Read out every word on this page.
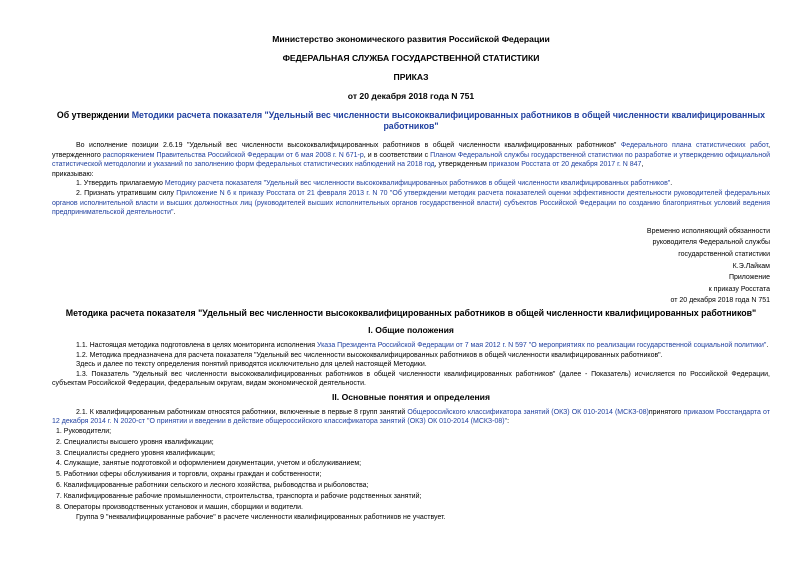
Министерство экономического развития Российской Федерации
ФЕДЕРАЛЬНАЯ СЛУЖБА ГОСУДАРСТВЕННОЙ СТАТИСТИКИ
ПРИКАЗ
от 20 декабря 2018 года N 751
Об утверждении Методики расчета показателя "Удельный вес численности высококвалифицированных работников в общей численности квалифицированных работников"

Во исполнение позиции 2.6.19 "Удельный вес численности высококвалифицированных работников в общей численности квалифицированных работников" Федерального плана статистических работ, утвержденного распоряжением Правительства Российской Федерации от 6 мая 2008 г. N 671-р, и в соответствии с Планом Федеральной службы государственной статистики по разработке и утверждению официальной статистической методологии и указаний по заполнению форм федеральных статистических наблюдений на 2018 год, утвержденным приказом Росстата от 20 декабря 2017 г. N 847,

приказываю:

1. Утвердить прилагаемую Методику расчета показателя "Удельный вес численности высококвалифицированных работников в общей численности квалифицированных работников".

2. Признать утратившим силу Приложение N 6 к приказу Росстата от 21 февраля 2013 г. N 70 "Об утверждении методик расчета показателей оценки эффективности деятельности руководителей федеральных органов исполнительной власти и высших должностных лиц (руководителей высших исполнительных органов государственной власти) субъектов Российской Федерации по созданию благоприятных условий ведения предпринимательской деятельности".

Временно исполняющий обязанности
руководителя Федеральной службы
государственной статистики
К.Э.Лайкам
Приложение
к приказу Росстата
от 20 декабря 2018 года N 751
Методика расчета показателя "Удельный вес численности высококвалифицированных работников в общей численности квалифицированных работников"
I. Общие положения

1.1. Настоящая методика подготовлена в целях мониторинга исполнения Указа Президента Российской Федерации от 7 мая 2012 г. N 597 "О мероприятиях по реализации государственной социальной политики".

1.2. Методика предназначена для расчета показателя "Удельный вес численности высококвалифицированных работников в общей численности квалифицированных работников".

Здесь и далее по тексту определения понятий приводятся исключительно для целей настоящей Методики.

1.3. Показатель "Удельный вес численности высококвалифицированных работников в общей численности квалифицированных работников" (далее - Показатель) исчисляется по Российской Федерации, субъектам Российской Федерации, федеральным округам, видам экономической деятельности.

II. Основные понятия и определения

2.1. К квалифицированным работникам относятся работники, включенные в первые 8 групп занятий Общероссийского классификатора занятий (ОКЗ) ОК 010-2014 (МСКЗ-08)принятого приказом Росстандарта от 12 декабря 2014 г. N 2020-ст "О принятии и введении в действие общероссийского классификатора занятий (ОКЗ) ОК 010-2014 (МСКЗ-08)":

1. Руководители;

2. Специалисты высшего уровня квалификации;

3. Специалисты среднего уровня квалификации;

4. Служащие, занятые подготовкой и оформлением документации, учетом и обслуживанием;

5. Работники сферы обслуживания и торговли, охраны граждан и собственности;

6. Квалифицированные работники сельского и лесного хозяйства, рыбоводства и рыболовства;

7. Квалифицированные рабочие промышленности, строительства, транспорта и рабочие родственных занятий;

8. Операторы производственных установок и машин, сборщики и водители.

Группа 9 "неквалифицированные рабочие" в расчете численности квалифицированных работников не участвует.
